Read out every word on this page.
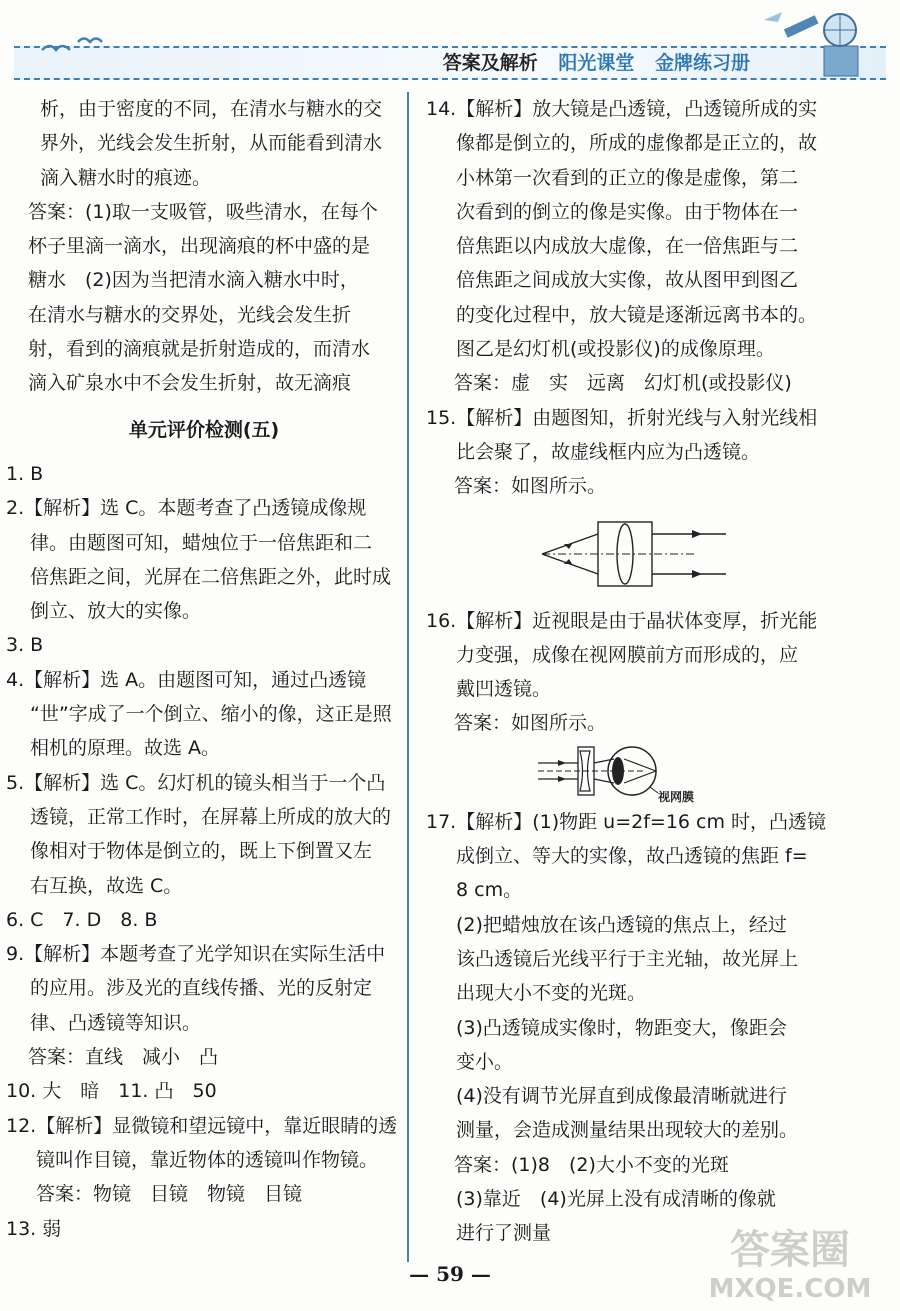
答案及解析 阳光课堂 金牌练习册
析，由于密度的不同，在清水与糖水的交
界外，光线会发生折射，从而能看到清水
滴入糖水时的痕迹。
答案：(1)取一支吸管，吸些清水，在每个
杯子里滴一滴水，出现滴痕的杯中盛的是
糖水　(2)因为当把清水滴入糖水中时，
在清水与糖水的交界处，光线会发生折
射，看到的滴痕就是折射造成的，而清水
滴入矿泉水中不会发生折射，故无滴痕
单元评价检测(五)
1. B
2.【解析】选 C。本题考查了凸透镜成像规
律。由题图可知，蜡烛位于一倍焦距和二
倍焦距之间，光屏在二倍焦距之外，此时成
倒立、放大的实像。
3. B
4.【解析】选 A。由题图可知，通过凸透镜
“世”字成了一个倒立、缩小的像，这正是照
相机的原理。故选 A。
5.【解析】选 C。幻灯机的镜头相当于一个凸
透镜，正常工作时，在屏幕上所成的放大的
像相对于物体是倒立的，既上下倒置又左
右互换，故选 C。
6. C　7. D　8. B
9.【解析】本题考查了光学知识在实际生活中
的应用。涉及光的直线传播、光的反射定
律、凸透镜等知识。
答案：直线　减小　凸
10. 大　暗　11. 凸　50
12.【解析】显微镜和望远镜中，靠近眼睛的透
镜叫作目镜，靠近物体的透镜叫作物镜。
答案：物镜　目镜　物镜　目镜
13. 弱
14.【解析】放大镜是凸透镜，凸透镜所成的实
像都是倒立的，所成的虚像都是正立的，故
小林第一次看到的正立的像是虚像，第二
次看到的倒立的像是实像。由于物体在一
倍焦距以内成放大虚像，在一倍焦距与二
倍焦距之间成放大实像，故从图甲到图乙
的变化过程中，放大镜是逐渐远离书本的。
图乙是幻灯机(或投影仪)的成像原理。
答案：虚　实　远离　幻灯机(或投影仪)
15.【解析】由题图知，折射光线与入射光线相
比会聚了，故虚线框内应为凸透镜。
答案：如图所示。
16.【解析】近视眼是由于晶状体变厚，折光能
力变强，成像在视网膜前方而形成的，应
戴凹透镜。
答案：如图所示。
视网膜
17.【解析】(1)物距 u=2f=16 cm 时，凸透镜
成倒立、等大的实像，故凸透镜的焦距 f=
8 cm。
(2)把蜡烛放在该凸透镜的焦点上，经过
该凸透镜后光线平行于主光轴，故光屏上
出现大小不变的光斑。
(3)凸透镜成实像时，物距变大，像距会
变小。
(4)没有调节光屏直到成像最清晰就进行
测量，会造成测量结果出现较大的差别。
答案：(1)8　(2)大小不变的光斑
(3)靠近　(4)光屏上没有成清晰的像就
进行了测量
— 59 —
答案圈
MXQE.COM
